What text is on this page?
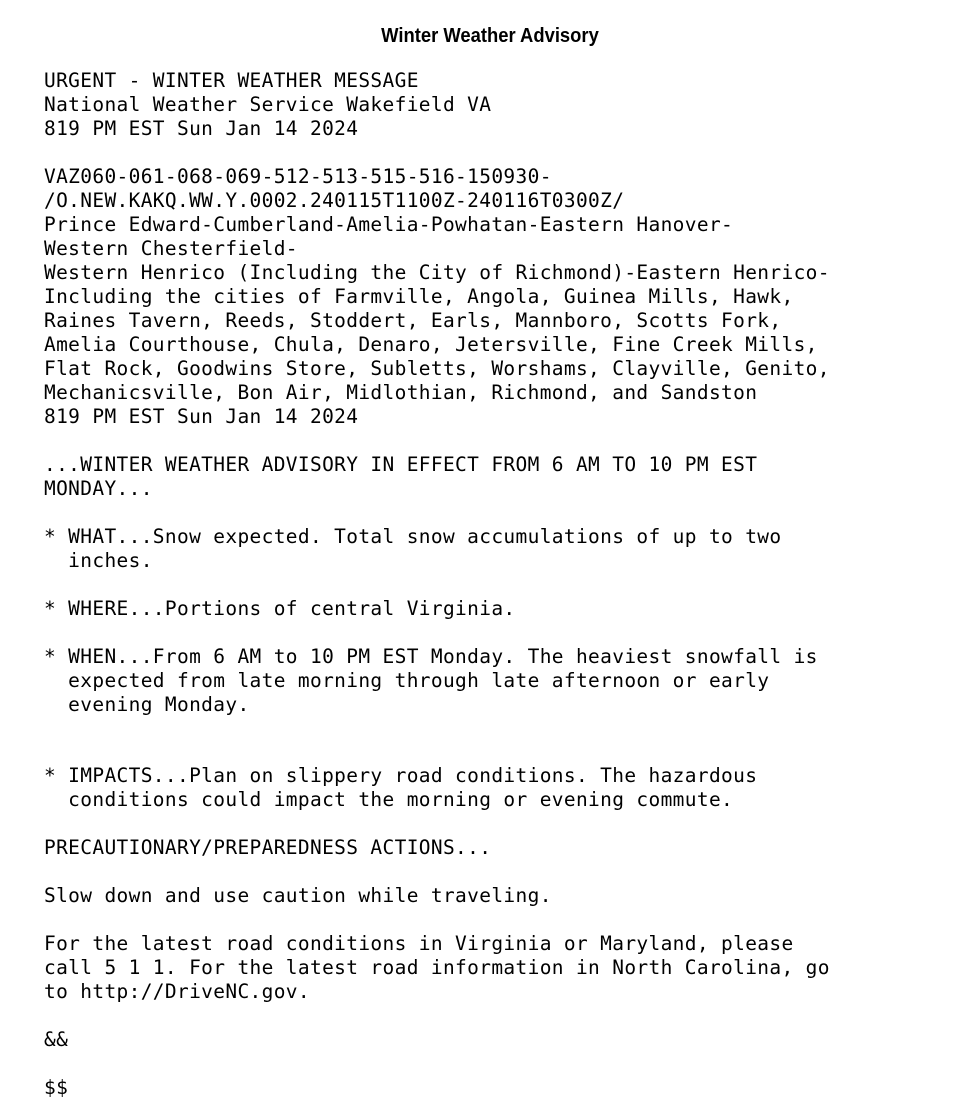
Winter Weather Advisory
URGENT - WINTER WEATHER MESSAGE
National Weather Service Wakefield VA
819 PM EST Sun Jan 14 2024
VAZ060-061-068-069-512-513-515-516-150930-
/O.NEW.KAKQ.WW.Y.0002.240115T1100Z-240116T0300Z/
Prince Edward-Cumberland-Amelia-Powhatan-Eastern Hanover-
Western Chesterfield-
Western Henrico (Including the City of Richmond)-Eastern Henrico-
Including the cities of Farmville, Angola, Guinea Mills, Hawk,
Raines Tavern, Reeds, Stoddert, Earls, Mannboro, Scotts Fork,
Amelia Courthouse, Chula, Denaro, Jetersville, Fine Creek Mills,
Flat Rock, Goodwins Store, Subletts, Worshams, Clayville, Genito,
Mechanicsville, Bon Air, Midlothian, Richmond, and Sandston
819 PM EST Sun Jan 14 2024
...WINTER WEATHER ADVISORY IN EFFECT FROM 6 AM TO 10 PM EST
MONDAY...
* WHAT...Snow expected. Total snow accumulations of up to two
inches.
* WHERE...Portions of central Virginia.
* WHEN...From 6 AM to 10 PM EST Monday. The heaviest snowfall is
expected from late morning through late afternoon or early
evening Monday.
* IMPACTS...Plan on slippery road conditions. The hazardous
conditions could impact the morning or evening commute.
PRECAUTIONARY/PREPAREDNESS ACTIONS...
Slow down and use caution while traveling.
For the latest road conditions in Virginia or Maryland, please
call 5 1 1. For the latest road information in North Carolina, go
to http://DriveNC.gov.
&&
$$
